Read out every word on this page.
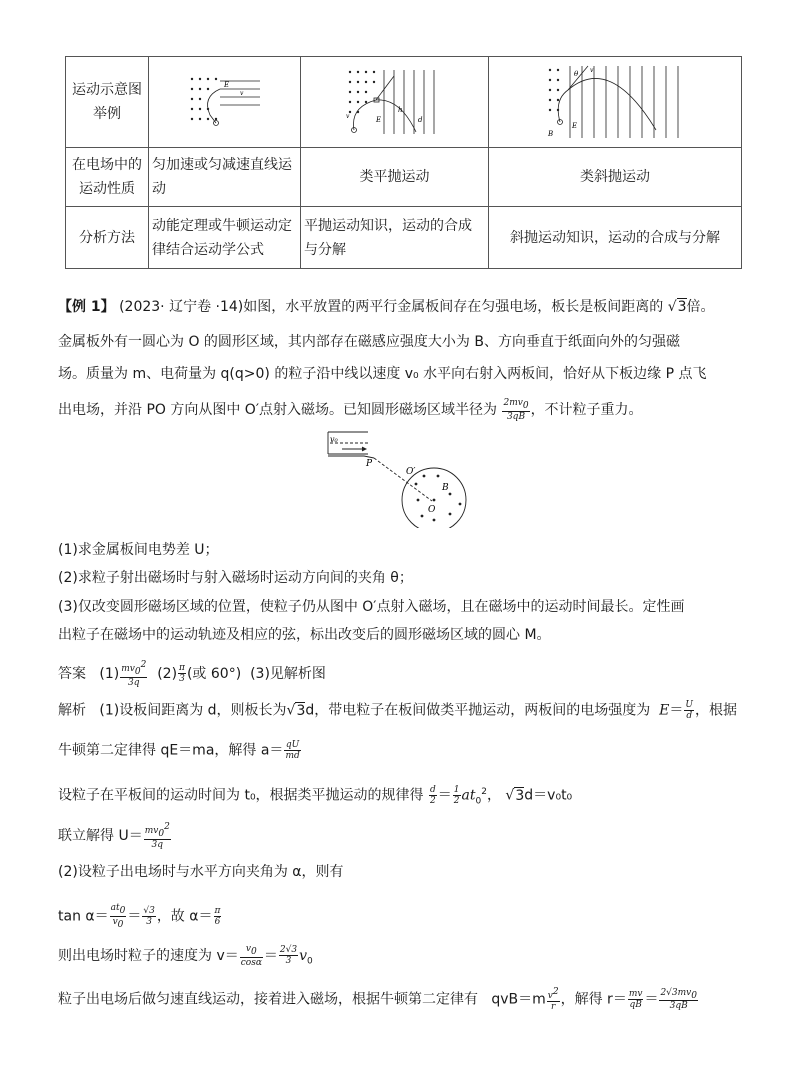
运动示意图举例	E
v	E
h
d
v	θ v
E
B

在电场中的运动性质	匀加速或匀减速直线运动	类平抛运动	类斜抛运动
分析方法	动能定理或牛顿运动定律结合运动学公式	平抛运动知识，运动的合成与分解	斜抛运动知识，运动的合成与分解
【例 1】 (2023· 辽宁卷 ·14)如图，水平放置的两平行金属板间存在匀强电场，板长是板间距离的 √3倍。
金属板外有一圆心为 O 的圆形区域，其内部存在磁感应强度大小为 B、方向垂直于纸面向外的匀强磁
场。质量为 m、电荷量为 q(q>0) 的粒子沿中线以速度 v₀ 水平向右射入两板间，恰好从下板边缘 P 点飞
出电场，并沿 PO 方向从图中 O′点射入磁场。已知圆形磁场区域半径为 $\frac{2mv_0}{3qB}$ ，不计粒子重力。
v₀
P
O′
B
O
(1)求金属板间电势差 U；
(2)求粒子射出磁场时与射入磁场时运动方向间的夹角 θ；
(3)仅改变圆形磁场区域的位置，使粒子仍从图中 O′点射入磁场，且在磁场中的运动时间最长。定性画
出粒子在磁场中的运动轨迹及相应的弦，标出改变后的圆形磁场区域的圆心 M。
答案 $(1) \frac{mv_0^2}{3q} (2) \frac{\pi}{3}$ (或 60°) (3)见解析图
解析 (1)设板间距离为 d，则板长为√3d，带电粒子在板间做类平抛运动，两板间的电场强度为 $E= \frac{U}{d}$ ，根据
牛顿第二定律得 qE＝ma，解得 $a= \frac{qU}{md}$
设粒子在平板间的运动时间为 t₀，根据类平抛运动的规律得 $\frac{d}{2} = \frac{1}{2} at_0^2$， √3d＝v₀t₀
联立解得 $U= \frac{mv_0^2}{3q}$
(2)设粒子出电场时与水平方向夹角为 α，则有
$\tan \alpha= \frac{at_0}{v_0} = \frac{√3}{3}$ ，故 $\alpha= \frac{\pi}{6}$
则出电场时粒子的速度为 $v= \frac{v_0}{\cos\alpha} = \frac{2√3}{3} v_0$
粒子出电场后做匀速直线运动，接着进入磁场，根据牛顿第二定律有 $qvB=m \frac{v^2}{r}$ ，解得 $r= \frac{mv}{qB} = \frac{2√3mv_0}{3qB}$
